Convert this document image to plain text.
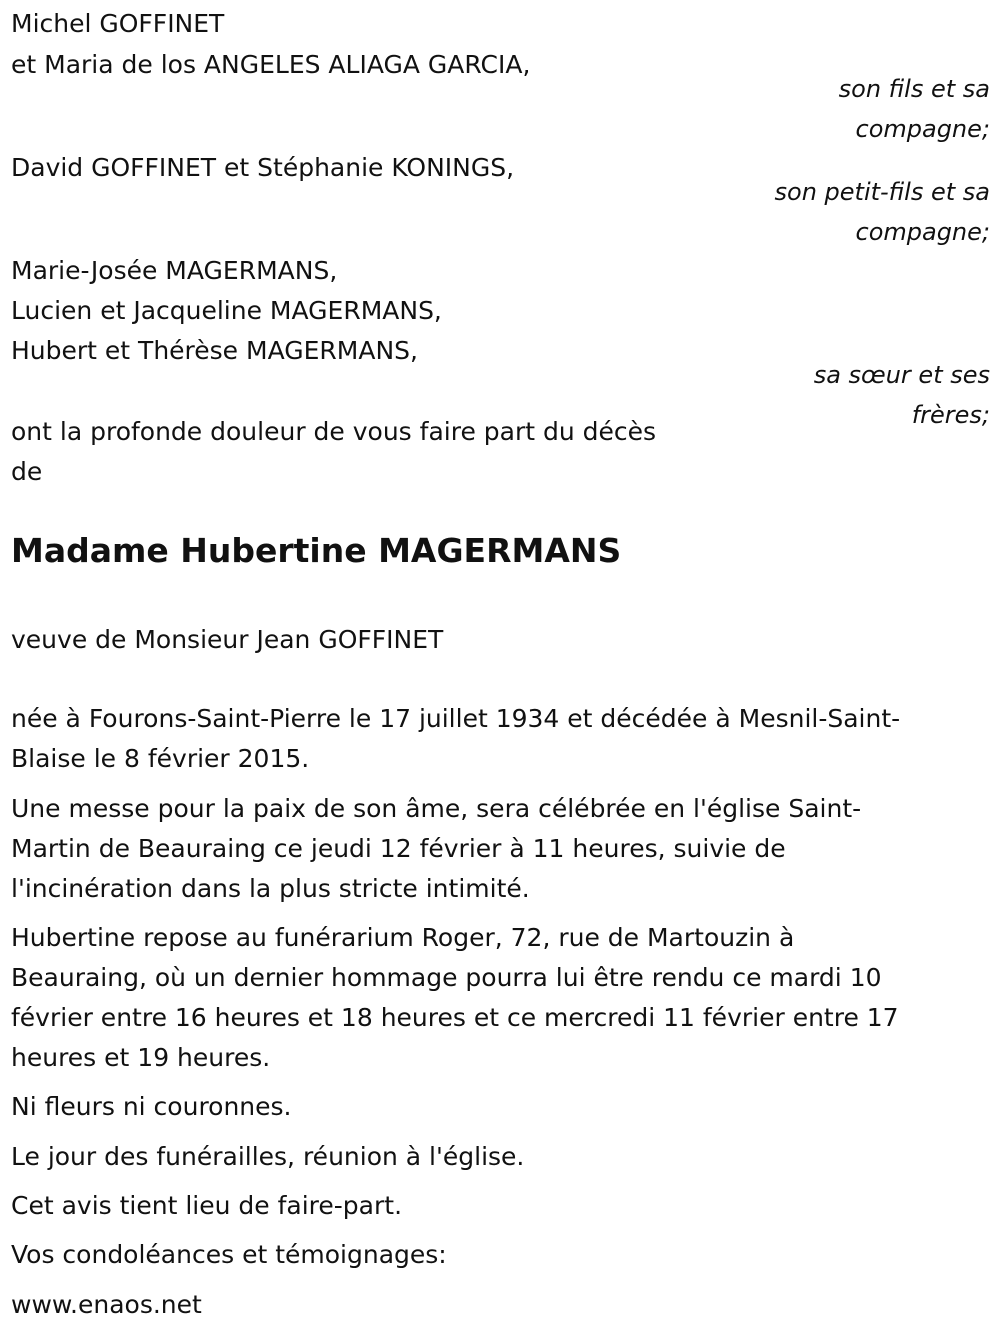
Michel GOFFINET

et Maria de los ANGELES ALIAGA GARCIA,

son fils et sa

compagne;

David GOFFINET et Stéphanie KONINGS,

son petit-fils et sa

compagne;

Marie-Josée MAGERMANS,

Lucien et Jacqueline MAGERMANS,

Hubert et Thérèse MAGERMANS,

sa sœur et ses

frères;

ont la profonde douleur de vous faire part du décès

de

Madame Hubertine MAGERMANS

veuve de Monsieur Jean GOFFINET

née à Fourons-Saint-Pierre le 17 juillet 1934 et décédée à Mesnil-Saint-

Blaise le 8 février 2015.

Une messe pour la paix de son âme, sera célébrée en l'église Saint-

Martin de Beauraing ce jeudi 12 février à 11 heures, suivie de

l'incinération dans la plus stricte intimité.

Hubertine repose au funérarium Roger, 72, rue de Martouzin à

Beauraing, où un dernier hommage pourra lui être rendu ce mardi 10

février entre 16 heures et 18 heures et ce mercredi 11 février entre 17

heures et 19 heures.

Ni fleurs ni couronnes.

Le jour des funérailles, réunion à l'église.

Cet avis tient lieu de faire-part.

Vos condoléances et témoignages:

www.enaos.net
